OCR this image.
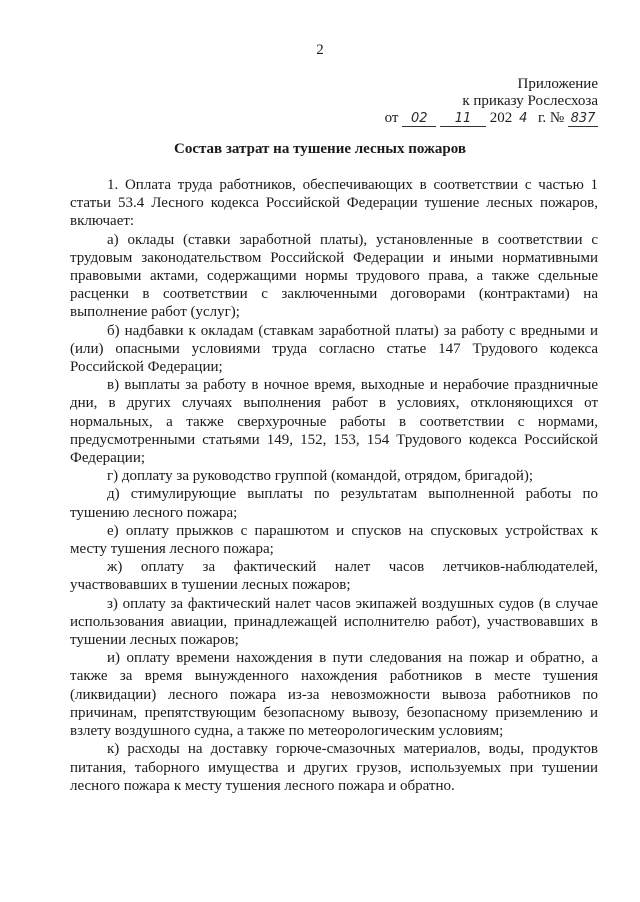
2
Приложение
к приказу Рослесхоза
от 02 11 202 4 г. № 837
Состав затрат на тушение лесных пожаров

1. Оплата труда работников, обеспечивающих в соответствии с частью 1 статьи 53.4 Лесного кодекса Российской Федерации тушение лесных пожаров, включает:

а) оклады (ставки заработной платы), установленные в соответствии с трудовым законодательством Российской Федерации и иными нормативными правовыми актами, содержащими нормы трудового права, а также сдельные расценки в соответствии с заключенными договорами (контрактами) на выполнение работ (услуг);

б) надбавки к окладам (ставкам заработной платы) за работу с вредными и (или) опасными условиями труда согласно статье 147 Трудового кодекса Российской Федерации;

в) выплаты за работу в ночное время, выходные и нерабочие праздничные дни, в других случаях выполнения работ в условиях, отклоняющихся от нормальных, а также сверхурочные работы в соответствии с нормами, предусмотренными статьями 149, 152, 153, 154 Трудового кодекса Российской Федерации;

г) доплату за руководство группой (командой, отрядом, бригадой);

д) стимулирующие выплаты по результатам выполненной работы по тушению лесного пожара;

е) оплату прыжков с парашютом и спусков на спусковых устройствах к месту тушения лесного пожара;

ж) оплату за фактический налет часов летчиков-наблюдателей, участвовавших в тушении лесных пожаров;

з) оплату за фактический налет часов экипажей воздушных судов (в случае использования авиации, принадлежащей исполнителю работ), участвовавших в тушении лесных пожаров;

и) оплату времени нахождения в пути следования на пожар и обратно, а также за время вынужденного нахождения работников в месте тушения (ликвидации) лесного пожара из-за невозможности вывоза работников по причинам, препятствующим безопасному вывозу, безопасному приземлению и взлету воздушного судна, а также по метеорологическим условиям;

к) расходы на доставку горюче-смазочных материалов, воды, продуктов питания, таборного имущества и других грузов, используемых при тушении лесного пожара к месту тушения лесного пожара и обратно.
